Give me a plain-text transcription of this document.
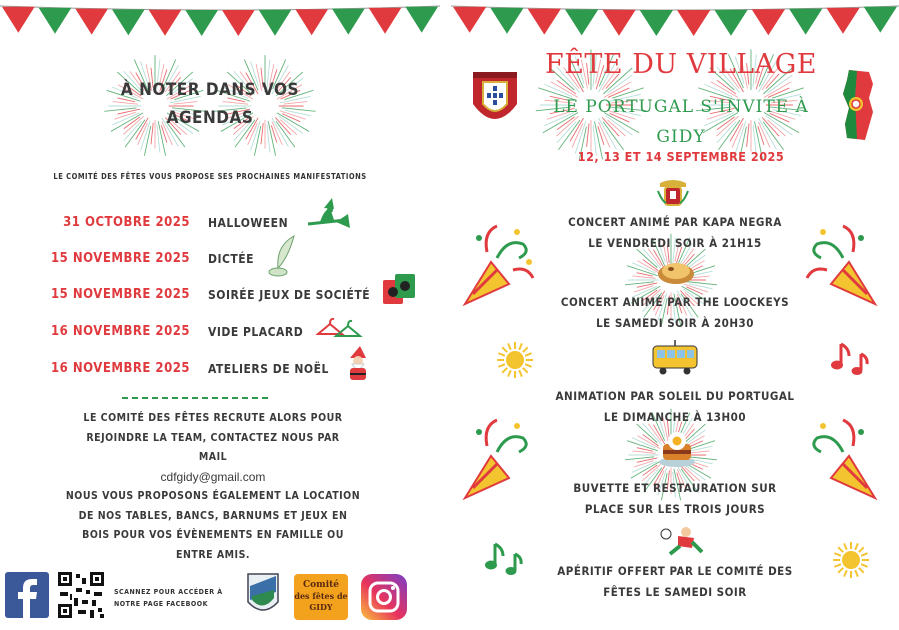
À NOTER DANS VOS AGENDAS
LE COMITÉ DES FÊTES VOUS PROPOSE SES PROCHAINES MANIFESTATIONS
31 OCTOBRE 2025 HALLOWEEN
15 NOVEMBRE 2025 DICTÉE
15 NOVEMBRE 2025 SOIRÉE JEUX DE SOCIÉTÉ
16 NOVEMBRE 2025 VIDE PLACARD
16 NOVEMBRE 2025 ATELIERS DE NOËL
LE COMITÉ DES FÊTES RECRUTE ALORS POUR
REJOINDRE LA TEAM, CONTACTEZ NOUS PAR
MAIL
cdfgidy@gmail.com
NOUS VOUS PROPOSONS ÉGALEMENT LA LOCATION
DE NOS TABLES, BANCS, BARNUMS ET JEUX EN
BOIS POUR VOS ÉVÈNEMENTS EN FAMILLE OU
ENTRE AMIS.
SCANNEZ POUR ACCÉDER À
NOTRE PAGE FACEBOOK
Comité
des fêtes de
GIDY
FÊTE DU VILLAGE
LE PORTUGAL S'INVITE À
GIDY
12, 13 ET 14 SEPTEMBRE 2025
CONCERT ANIMÉ PAR KAPA NEGRA
LE VENDREDI SOIR À 21H15
CONCERT ANIMÉ PAR THE LOOCKEYS
LE SAMEDI SOIR À 20H30
ANIMATION PAR SOLEIL DU PORTUGAL
LE DIMANCHE À 13H00
BUVETTE ET RESTAURATION SUR
PLACE SUR LES TROIS JOURS
APÉRITIF OFFERT PAR LE COMITÉ DES
FÊTES LE SAMEDI SOIR
